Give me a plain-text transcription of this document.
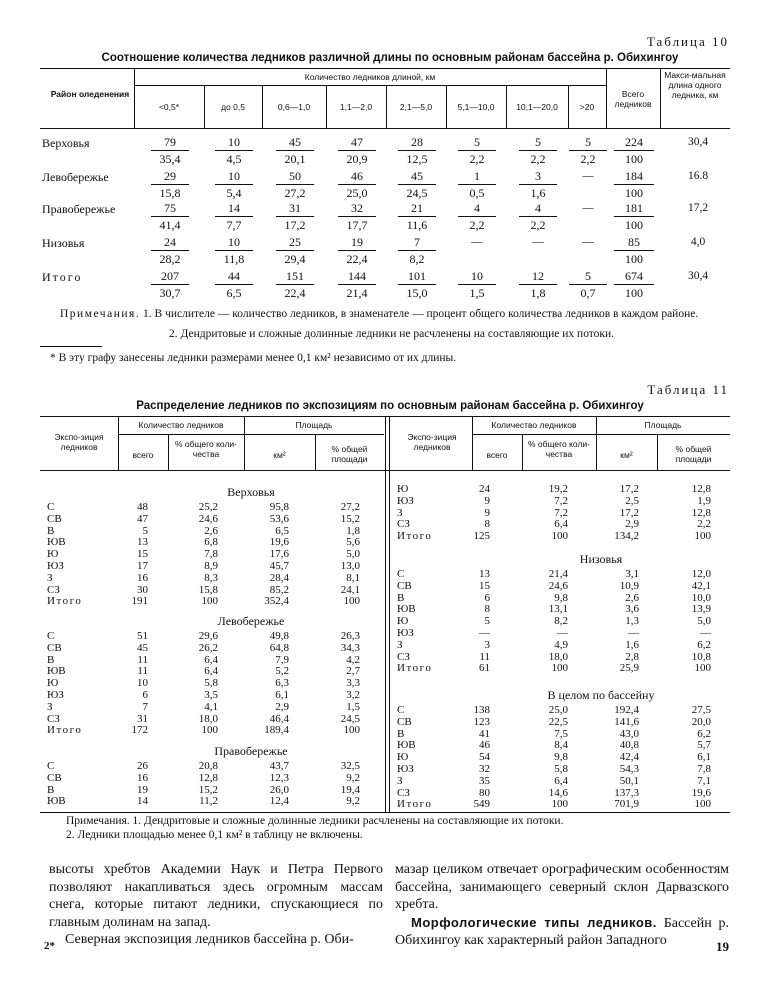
Таблица 10
Соотношение количества ледников различной длины по основным районам бассейна р. Обихингоу
Район оледенения
Количество ледников длиной, км
<0,5*	до 0,5	0,6—1,0	1,1—2,0	2,1—5,0	5,1—10,0	10,1—20,0	>20
Всего ледников
Макси-мальная длина одного ледника, км
Верховья	$\frac{79}{35,4} \frac{10}{4,5} \frac{45}{20,1} \frac{47}{20,9} \frac{28}{12,5} \frac{5}{2,2} \frac{5}{2,2} \frac{5}{2,2} \frac{224}{100}$	30,4
Левобережье	$\frac{29}{15,8} \frac{10}{5,4} \frac{50}{27,2} \frac{46}{25,0} \frac{45}{24,5} \frac{1}{0,5} \frac{3}{1,6}$	—	$\frac{184}{100}$	16.8
Правобережье	$\frac{75}{41,4} \frac{14}{7,7} \frac{31}{17,2} \frac{32}{17,7} \frac{21}{11,6} \frac{4}{2,2} \frac{4}{2,2}$	—	$\frac{181}{100}$	17,2
Низовья	$\frac{24}{28,2} \frac{10}{11,8} \frac{25}{29,4} \frac{19}{22,4} \frac{7}{8,2}$	—	—	—	$\frac{85}{100}$	4,0
Итого	$\frac{207}{30,7} \frac{44}{6,5} \frac{151}{22,4} \frac{144}{21,4} \frac{101}{15,0} \frac{10}{1,5} \frac{12}{1,8} \frac{5}{0,7} \frac{674}{100}$	30,4
Примечания. 1. В числителе — количество ледников, в знаменателе — процент общего количества ледников в каждом районе.
2. Дендритовые и сложные долинные ледники не расчленены на составляющие их потоки.
* В эту графу занесены ледники размерами менее 0,1 км² независимо от их длины.
Таблица 11
Распределение ледников по экспозициям по основным районам бассейна р. Обихингоу
Экспо-зиция ледников
Количество ледников	Площадь
всего
% общего коли-чества	км²
% общей площади
Экспо-зиция ледников
Количество ледников	Площадь
всего
% общего коли-чества	км²
% общей площади
Верховья
С	48	25,2	95,8	27,2
СВ	47	24,6	53,6	15,2
В	5	2,6	6,5	1,8
ЮВ	13	6,8	19,6	5,6
Ю	15	7,8	17,6	5,0
ЮЗ	17	8,9	45,7	13,0
З	16	8,3	28,4	8,1
СЗ	30	15,8	85,2	24,1
Итого	191	100	352,4	100
Левобережье
С	51	29,6	49,8	26,3
СВ	45	26,2	64,8	34,3
В	11	6,4	7,9	4,2
ЮВ	11	6,4	5,2	2,7
Ю	10	5,8	6,3	3,3
ЮЗ	6	3,5	6,1	3,2
З	7	4,1	2,9	1,5
СЗ	31	18,0	46,4	24,5
Итого	172	100	189,4	100
Правобережье
С	26	20,8	43,7	32,5
СВ	16	12,8	12,3	9,2
В	19	15,2	26,0	19,4
ЮВ	14	11,2	12,4	9,2
Ю	24	19,2	17,2	12,8
ЮЗ	9	7,2	2,5	1,9
З	9	7,2	17,2	12,8
СЗ	8	6,4	2,9	2,2
Итого	125	100	134,2	100
Низовья
С	13	21,4	3,1	12,0
СВ	15	24,6	10,9	42,1
В	6	9,8	2,6	10,0
ЮВ	8	13,1	3,6	13,9
Ю	5	8,2	1,3	5,0
ЮЗ	—	—	—	—
З	3	4,9	1,6	6,2
СЗ	11	18,0	2,8	10,8
Итого	61	100	25,9	100
В целом по бассейну
С	138	25,0	192,4	27,5
СВ	123	22,5	141,6	20,0
В	41	7,5	43,0	6,2
ЮВ	46	8,4	40,8	5,7
Ю	54	9,8	42,4	6,1
ЮЗ	32	5,8	54,3	7,8
З	35	6,4	50,1	7,1
СЗ	80	14,6	137,3	19,6
Итого	549	100	701,9	100
Примечания. 1. Дендритовые и сложные долинные ледники расчленены на составляющие их потоки.
2. Ледники площадью менее 0,1 км² в таблицу не включены.
высоты хребтов Академии Наук и Петра Первого позволяют накапливаться здесь огромным массам снега, которые питают ледники, спускающиеся по главным долинам на запад.
Северная экспозиция ледников бассейна р. Оби-
мазар целиком отвечает орографическим особенностям бассейна, занимающего северный склон Дарвазского хребта.
Морфологические типы ледников. Бассейн р. Обихингоу как характерный район Западного
2*	19
